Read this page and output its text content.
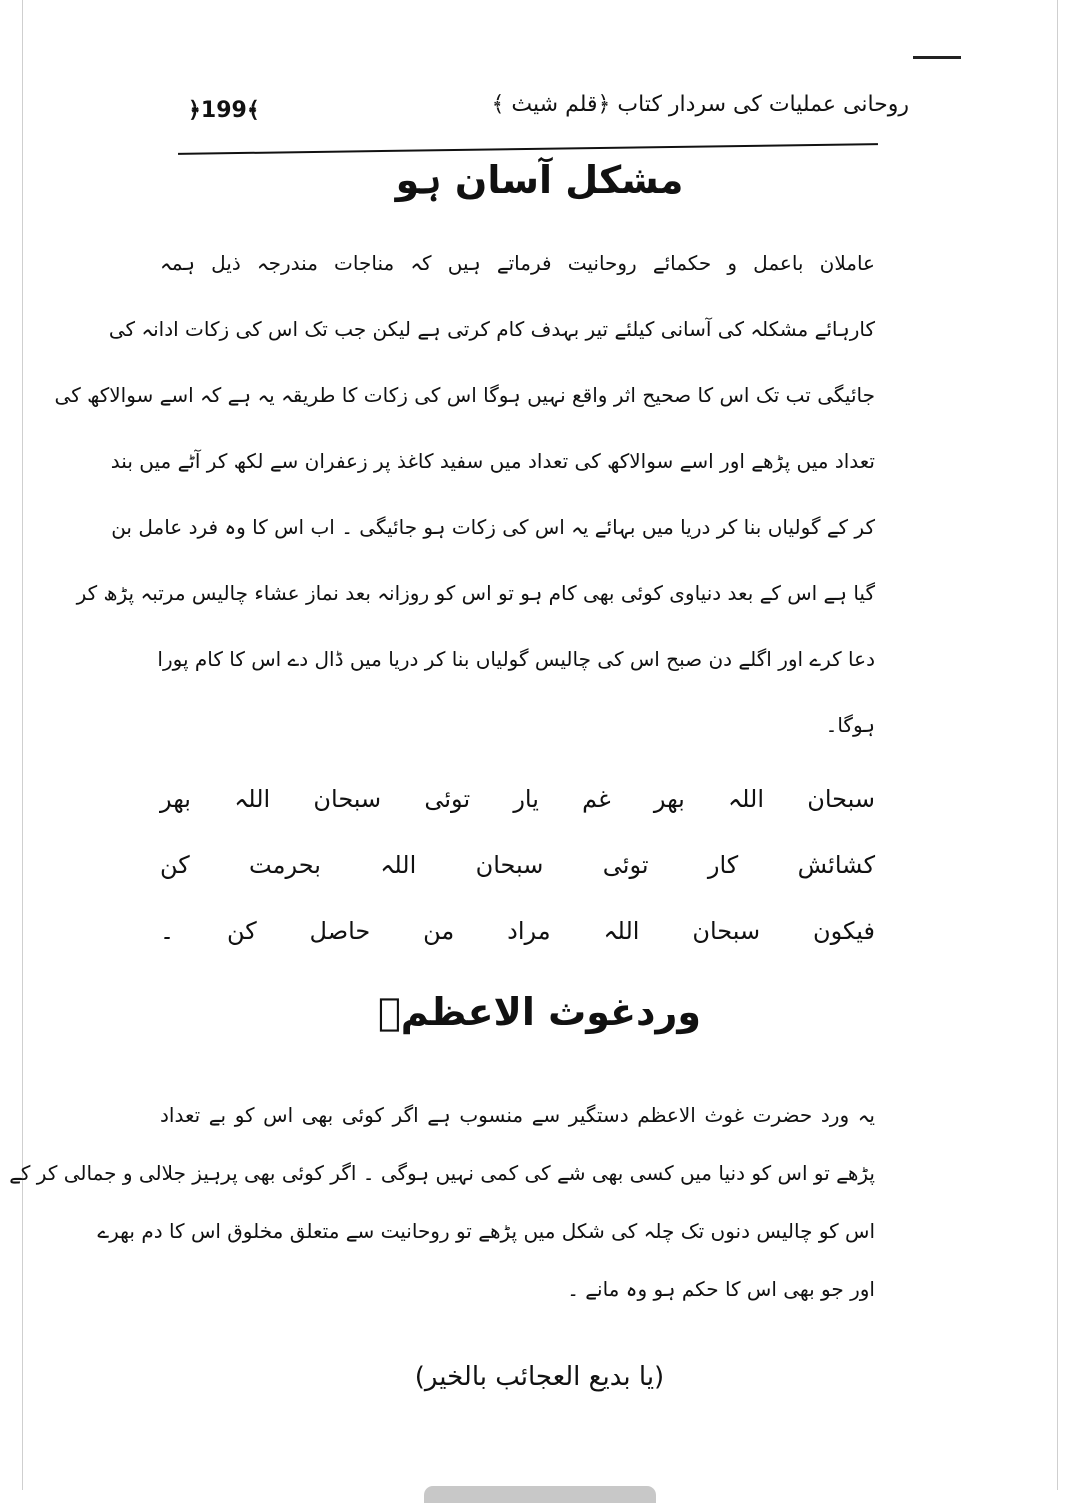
﴿199﴾	روحانی عملیات کی سردار کتاب ﴿قلم شیث ﴾
مشکل آسان ہو
عاملان باعمل و حکمائے روحانیت فرماتے ہیں کہ مناجات مندرجہ ذیل ہمہ
کارہائے مشکلہ کی آسانی کیلئے تیر بہدف کام کرتی ہے لیکن جب تک اس کی زکات ادانہ کی
جائیگی تب تک اس کا صحیح اثر واقع نہیں ہوگا اس کی زکات کا طریقہ یہ ہے کہ اسے سوالاکھ کی
تعداد میں پڑھے اور اسے سوالاکھ کی تعداد میں سفید کاغذ پر زعفران سے لکھ کر آٹے میں بند
کر کے گولیاں بنا کر دریا میں بہائے یہ اس کی زکات ہو جائیگی ۔ اب اس کا وہ فرد عامل بن
گیا ہے اس کے بعد دنیاوی کوئی بھی کام ہو تو اس کو روزانہ بعد نماز عشاء چالیس مرتبہ پڑھ کر
دعا کرے اور اگلے دن صبح اس کی چالیس گولیاں بنا کر دریا میں ڈال دے اس کا کام پورا
ہوگا۔
سبحان اللہ بھر غم یار توئی سبحان اللہ بھر
کشائش کار توئی سبحان اللہ بحرمت کن
فیکون سبحان اللہ مراد من حاصل کن ۔
وردغوث الاعظمؒ
یہ ورد حضرت غوث الاعظم دستگیر سے منسوب ہے اگر کوئی بھی اس کو بے تعداد
پڑھے تو اس کو دنیا میں کسی بھی شے کی کمی نہیں ہوگی ۔ اگر کوئی بھی پرہیز جلالی و جمالی کر کے
اس کو چالیس دنوں تک چلہ کی شکل میں پڑھے تو روحانیت سے متعلق مخلوق اس کا دم بھرے
اور جو بھی اس کا حکم ہو وہ مانے ۔
(یا بدیع العجائب بالخیر)
